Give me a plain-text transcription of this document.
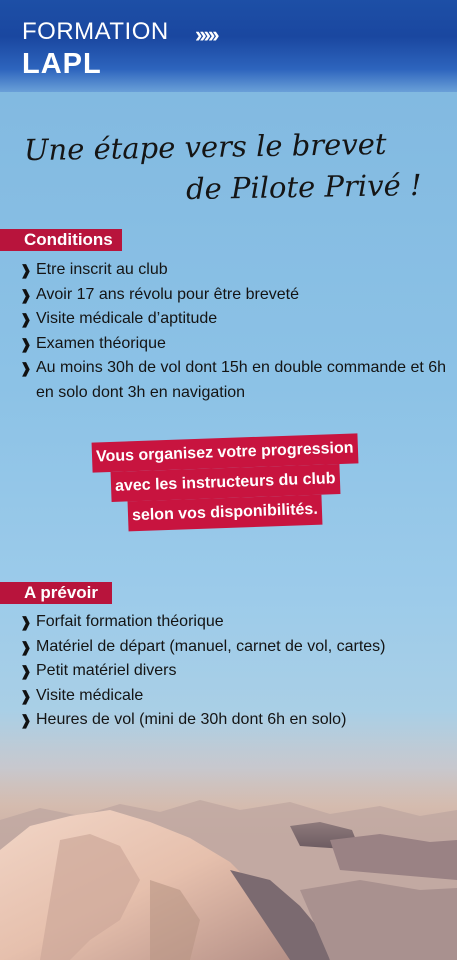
FORMATION ›››››
LAPL
Une étape vers le brevet
de Pilote Privé !
Conditions
❱ Etre inscrit au club
❱ Avoir 17 ans révolu pour être breveté
❱ Visite médicale d’aptitude
❱ Examen théorique
❱ Au moins 30h de vol dont 15h en double commande et 6h en solo dont 3h en navigation
Vous organisez votre progression
avec les instructeurs du club
selon vos disponibilités.
A prévoir
❱ Forfait formation théorique
❱ Matériel de départ (manuel, carnet de vol, cartes)
❱ Petit matériel divers
❱ Visite médicale
❱ Heures de vol (mini de 30h dont 6h en solo)
